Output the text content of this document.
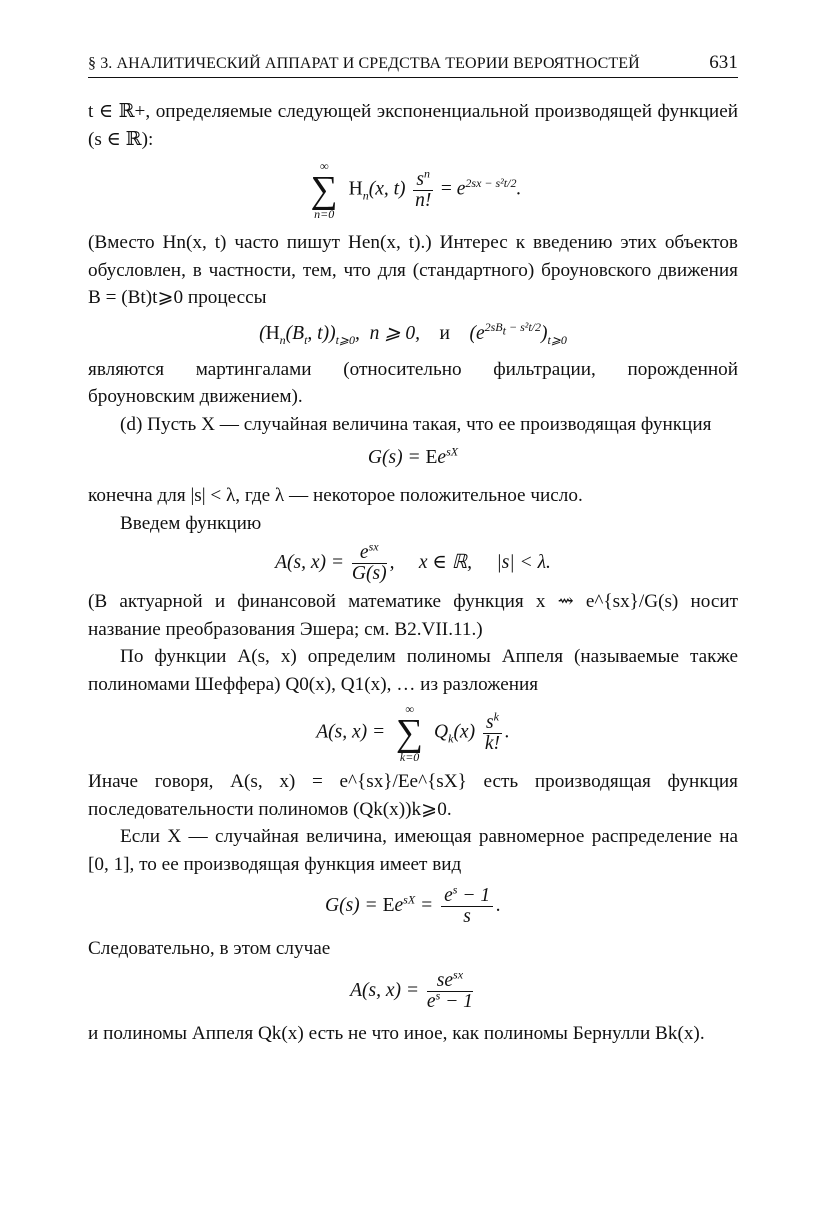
§ 3. АНАЛИТИЧЕСКИЙ АППАРАТ И СРЕДСТВА ТЕОРИИ ВЕРОЯТНОСТЕЙ	631

t ∈ ℝ+, определяемые следующей экспоненциальной производящей функцией (s ∈ ℝ):

∞
∑
n=0
$H_n(x$, $t) \frac{s^n}{n!} = e^{2sx - s^2t/2}$.

(Вместо Hn(x, t) часто пишут Hen(x, t).) Интерес к введению этих объектов обусловлен, в частности, тем, что для (стандартного) броуновского движения B = (Bt)t⩾0 процессы

($H_n(B_t$, $t))_{t⩾0}$,  n ⩾ 0,    и    $(e^{2sB_t - s^2t/2})_{t⩾0}$

являются мартингалами (относительно фильтрации, порожденной броуновским движением).

(d) Пусть X — случайная величина такая, что ее производящая функция

$G(s) = Ee^{sX}$

конечна для |s| < λ, где λ — некоторое положительное число.

Введем функцию

A(s, $x) = \frac{e^{sx}}{G(s)}$ ,     x ∈ ℝ,     |s| < λ.

(В актуарной и финансовой математике функция x ⇝ e^{sx}/G(s) носит название преобразования Эшера; см. B2.VII.11.)

По функции A(s, x) определим полиномы Аппеля (называемые также полиномами Шеффера) Q0(x), Q1(x), … из разложения

A(s, x) =
∞
∑
k=0
$Q_k(x) \frac{s^k}{k!}$ .

Иначе говоря, A(s, x) = e^{sx}/Ee^{sX} есть производящая функция последовательности полиномов (Qk(x))k⩾0.

Если X — случайная величина, имеющая равномерное распределение на [0, 1], то ее производящая функция имеет вид

$G(s) = Ee^{sX} = \frac{e^s - 1}{s}$ .

Следовательно, в этом случае

A(s, $x) = \frac{se^{sx}}{e^s - 1}$

и полиномы Аппеля Qk(x) есть не что иное, как полиномы Бернулли Bk(x).
